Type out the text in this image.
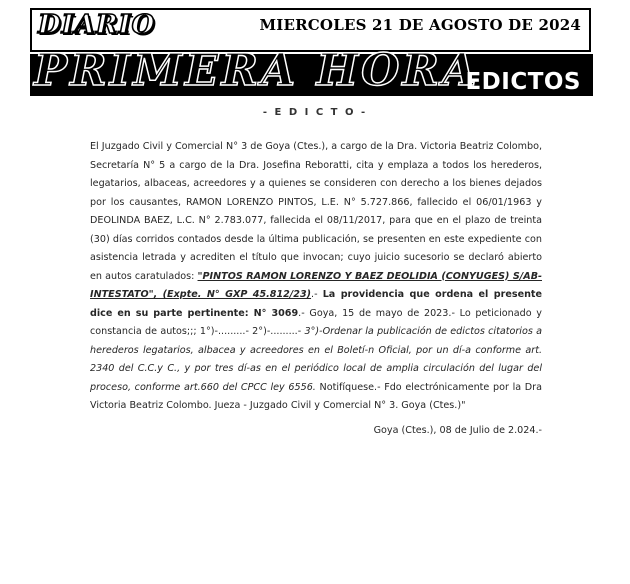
MIERCOLES 21 DE AGOSTO DE 2024
DIARIO
PRIMERA HORA
EDICTOS
- E D I C T O -

El Juzgado Civil y Comercial N° 3 de Goya (Ctes.), a cargo de la Dra. Victoria Beatriz Colombo, Secretaría N° 5 a cargo de la Dra. Josefina Reboratti, cita y emplaza a todos los herederos, legatarios, albaceas, acreedores y a quienes se consideren con derecho a los bienes dejados por los causantes, RAMON LORENZO PINTOS, L.E. N° 5.727.866, fallecido el 06/01/1963 y DEOLINDA BAEZ, L.C. N° 2.783.077, fallecida el 08/11/2017, para que en el plazo de treinta (30) días corridos contados desde la última publicación, se presenten en este expediente con asistencia letrada y acrediten el título que invocan; cuyo juicio sucesorio se declaró abierto en autos caratulados: "PINTOS RAMON LORENZO Y BAEZ DEOLIDIA (CONYUGES) S/AB-INTESTATO", (Expte. N° GXP 45.812/23).- La providencia que ordena el presente dice en su parte pertinente: N° 3069.- Goya, 15 de mayo de 2023.- Lo peticionado y constancia de autos;;; 1°)-.........- 2°)-.........- 3°)-Ordenar la publicación de edictos citatorios a herederos legatarios, albacea y acreedores en el Boletí-n Oficial, por un dí-a conforme art. 2340 del C.C.y C., y por tres dí-as en el periódico local de amplia circulación del lugar del proceso, conforme art.660 del CPCC ley 6556. Notifíquese.- Fdo electrónicamente por la Dra Victoria Beatriz Colombo. Jueza - Juzgado Civil y Comercial N° 3. Goya (Ctes.)"

Goya (Ctes.), 08 de Julio de 2.024.-
